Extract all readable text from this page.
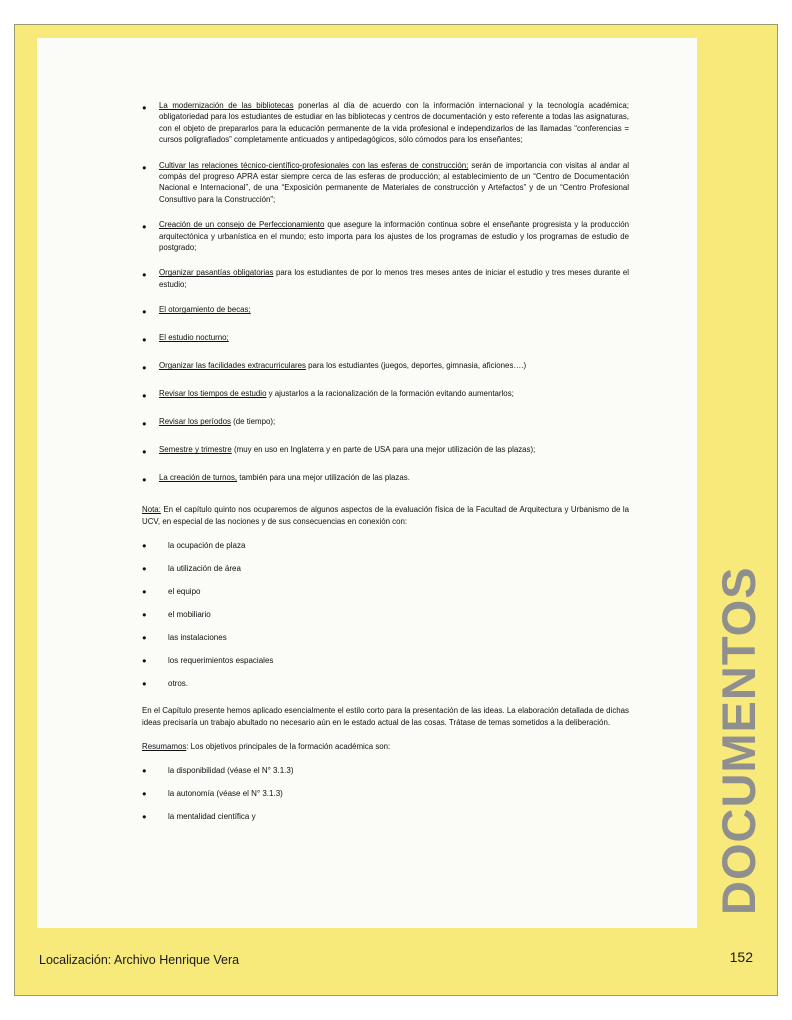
●	La modernización de las bibliotecas ponerlas al día de acuerdo con la información internacional y la tecnología académica; obligatoriedad para los estudiantes de estudiar en las bibliotecas y centros de documentación y esto referente a todas las asignaturas, con el objeto de prepararlos para la educación permanente de la vida profesional e independizarlos de las llamadas “conferencias = cursos poligrafiados” completamente anticuados y antipedagógicos, sólo cómodos para los enseñantes;
●	Cultivar las relaciones técnico-científico-profesionales con las esferas de construcción; serán de importancia con visitas al andar al compás del progreso APRA estar siempre cerca de las esferas de producción; al establecimiento de un “Centro de Documentación Nacional e Internacional”, de una “Exposición permanente de Materiales de construcción y Artefactos” y de un “Centro Profesional Consultivo para la Construcción”;
●	Creación de un consejo de Perfeccionamiento que asegure la información continua sobre el enseñante progresista y la producción arquitectónica y urbanística en el mundo; esto importa para los ajustes de los programas de estudio y los programas de estudio de postgrado;
●	Organizar pasantías obligatorias para los estudiantes de por lo menos tres meses antes de iniciar el estudio y tres meses durante el estudio;
●	El otorgamiento de becas;
●	El estudio nocturno;
●	Organizar las facilidades extracurriculares para los estudiantes (juegos, deportes, gimnasia, aficiones….)
●	Revisar los tiempos de estudio y ajustarlos a la racionalización de la formación evitando aumentarlos;
●	Revisar los períodos (de tiempo);
●	Semestre y trimestre (muy en uso en Inglaterra y en parte de USA para una mejor utilización de las plazas);
●	La creación de turnos, también para una mejor utilización de las plazas.
Nota: En el capítulo quinto nos ocuparemos de algunos aspectos de la evaluación física de la Facultad de Arquitectura y Urbanismo de la UCV, en especial de las nociones y de sus consecuencias en conexión con:
●	la ocupación de plaza
●	la utilización de área
●	el equipo
●	el mobiliario
●	las instalaciones
●	los requerimientos espaciales
●	otros.
En el Capítulo presente hemos aplicado esencialmente el estilo corto para la presentación de las ideas. La elaboración detallada de dichas ideas precisaría un trabajo abultado no necesario aún en le estado actual de las cosas. Trátase de temas sometidos a la deliberación.
Resumamos: Los objetivos principales de la formación académica son:
●	la disponibilidad (véase el N° 3.1.3)
●	la autonomía (véase el N° 3.1.3)
●	la mentalidad científica y	DOCUMENTOS
Localización: Archivo Henrique Vera	152
